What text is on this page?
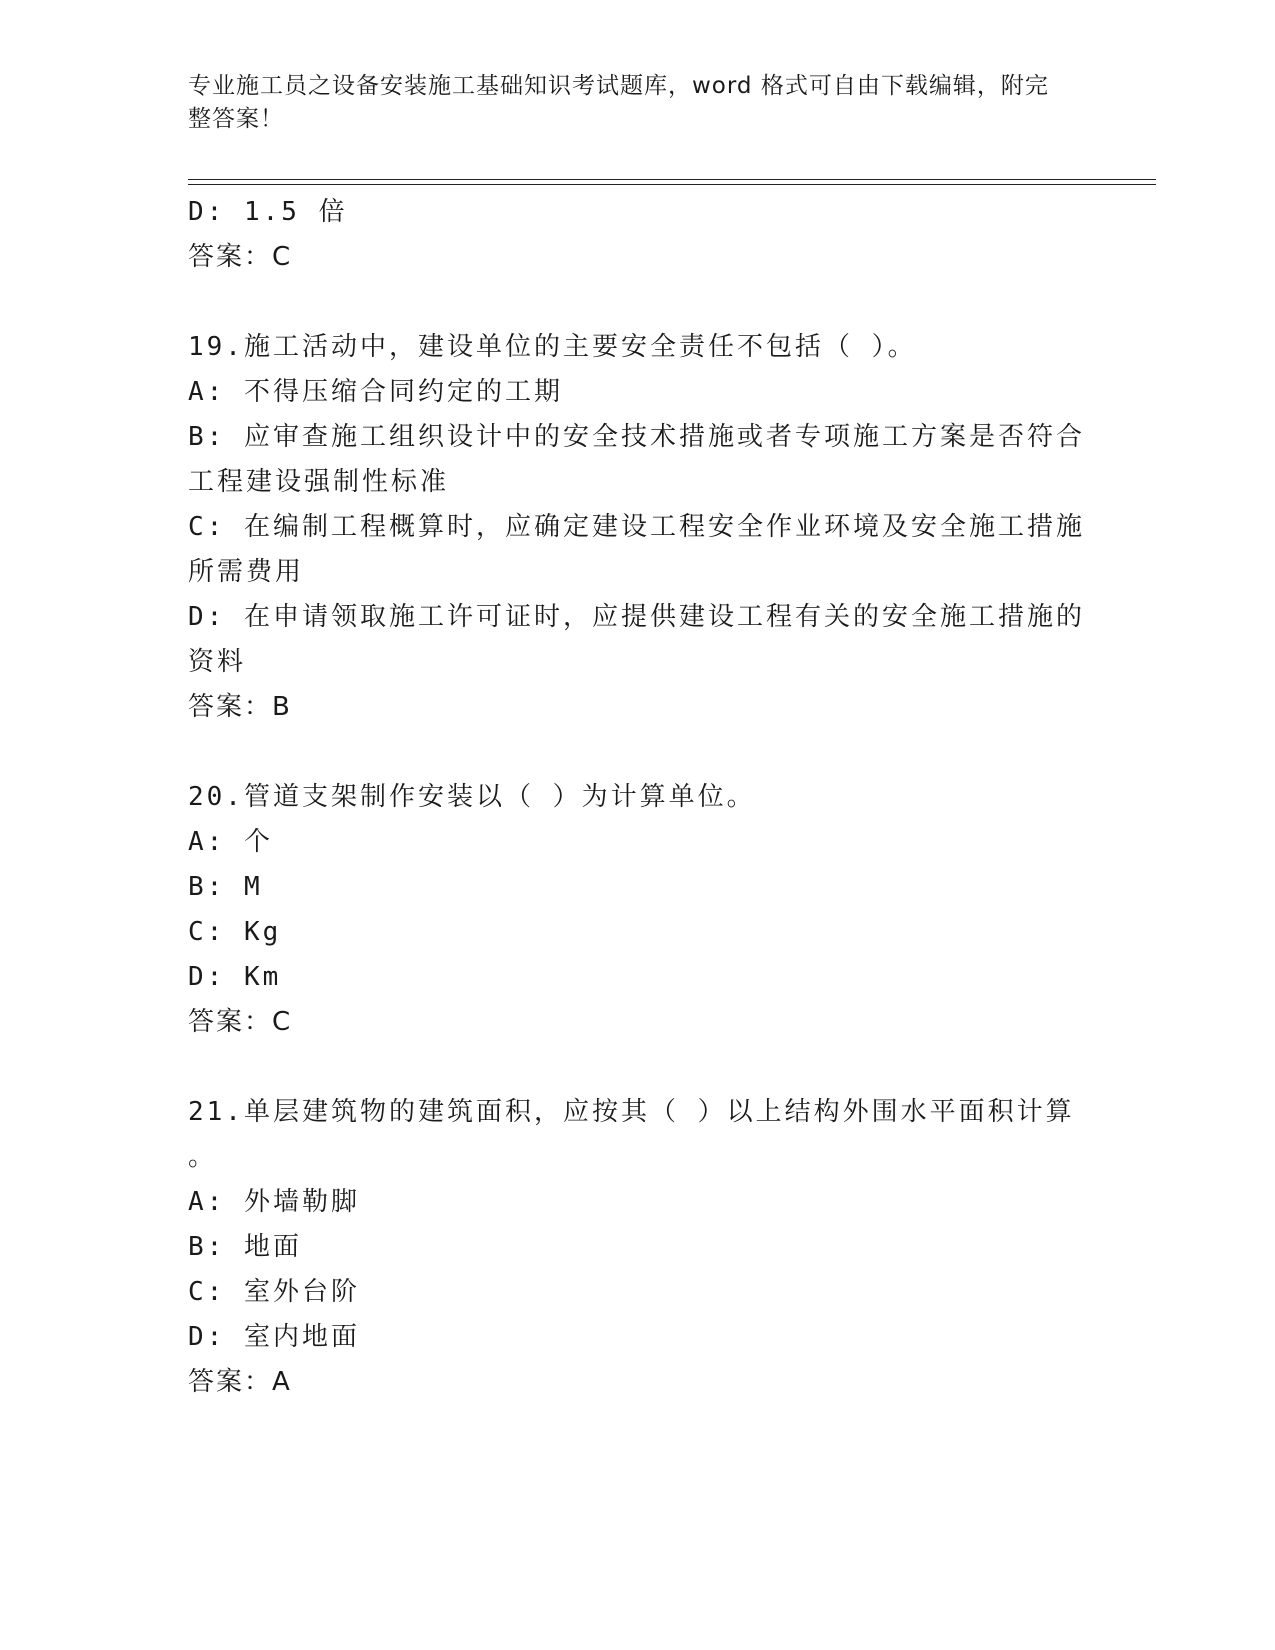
专业施工员之设备安装施工基础知识考试题库，word 格式可自由下载编辑，附完整答案！
D: 1.5 倍
答案：C
19.施工活动中，建设单位的主要安全责任不包括（ ）。
A: 不得压缩合同约定的工期
B: 应审查施工组织设计中的安全技术措施或者专项施工方案是否符合
工程建设强制性标准
C: 在编制工程概算时，应确定建设工程安全作业环境及安全施工措施
所需费用
D: 在申请领取施工许可证时，应提供建设工程有关的安全施工措施的
资料
答案：B
20.管道支架制作安装以（ ）为计算单位。
A: 个
B: M
C: Kg
D: Km
答案：C
21.单层建筑物的建筑面积，应按其（ ）以上结构外围水平面积计算
。
A: 外墙勒脚
B: 地面
C: 室外台阶
D: 室内地面
答案：A
